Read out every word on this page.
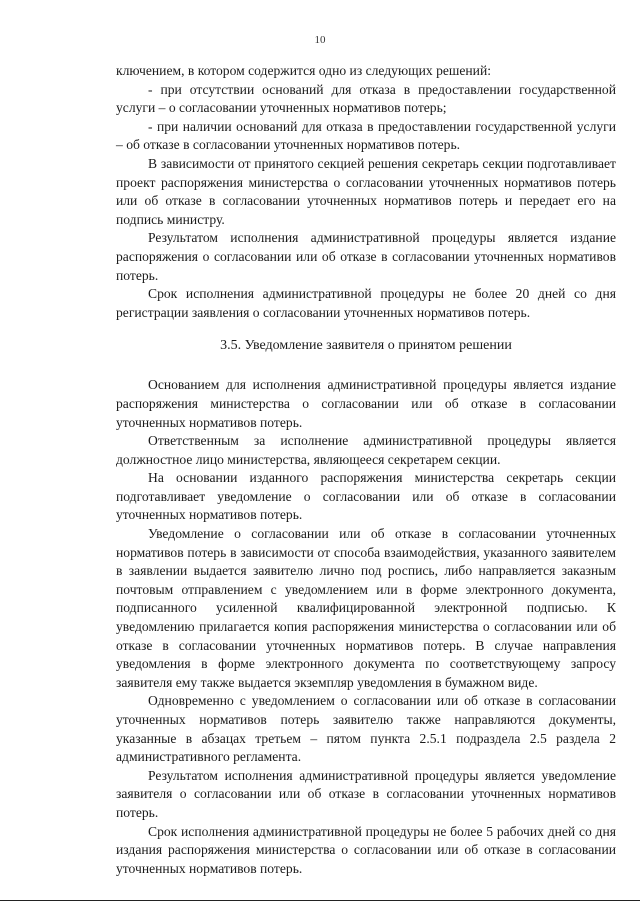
10

ключением, в котором содержится одно из следующих решений:

- при отсутствии оснований для отказа в предоставлении государственной услуги – о согласовании уточненных нормативов потерь;

- при наличии оснований для отказа в предоставлении государственной услуги – об отказе в согласовании уточненных нормативов потерь.

В зависимости от принятого секцией решения секретарь секции подготавливает проект распоряжения министерства о согласовании уточненных нормативов потерь или об отказе в согласовании уточненных нормативов потерь и передает его на подпись министру.

Результатом исполнения административной процедуры является издание распоряжения о согласовании или об отказе в согласовании уточненных нормативов потерь.

Срок исполнения административной процедуры не более 20 дней со дня регистрации заявления о согласовании уточненных нормативов потерь.

3.5. Уведомление заявителя о принятом решении

Основанием для исполнения административной процедуры является издание распоряжения министерства о согласовании или об отказе в согласовании уточненных нормативов потерь.

Ответственным за исполнение административной процедуры является должностное лицо министерства, являющееся секретарем секции.

На основании изданного распоряжения министерства секретарь секции подготавливает уведомление о согласовании или об отказе в согласовании уточненных нормативов потерь.

Уведомление о согласовании или об отказе в согласовании уточненных нормативов потерь в зависимости от способа взаимодействия, указанного заявителем в заявлении выдается заявителю лично под роспись, либо направляется заказным почтовым отправлением с уведомлением или в форме электронного документа, подписанного усиленной квалифицированной электронной подписью. К уведомлению прилагается копия распоряжения министерства о согласовании или об отказе в согласовании уточненных нормативов потерь. В случае направления уведомления в форме электронного документа по соответствующему запросу заявителя ему также выдается экземпляр уведомления в бумажном виде.

Одновременно с уведомлением о согласовании или об отказе в согласовании уточненных нормативов потерь заявителю также направляются документы, указанные в абзацах третьем – пятом пункта 2.5.1 подраздела 2.5 раздела 2 административного регламента.

Результатом исполнения административной процедуры является уведомление заявителя о согласовании или об отказе в согласовании уточненных нормативов потерь.

Срок исполнения административной процедуры не более 5 рабочих дней со дня издания распоряжения министерства о согласовании или об отказе в согласовании уточненных нормативов потерь.
